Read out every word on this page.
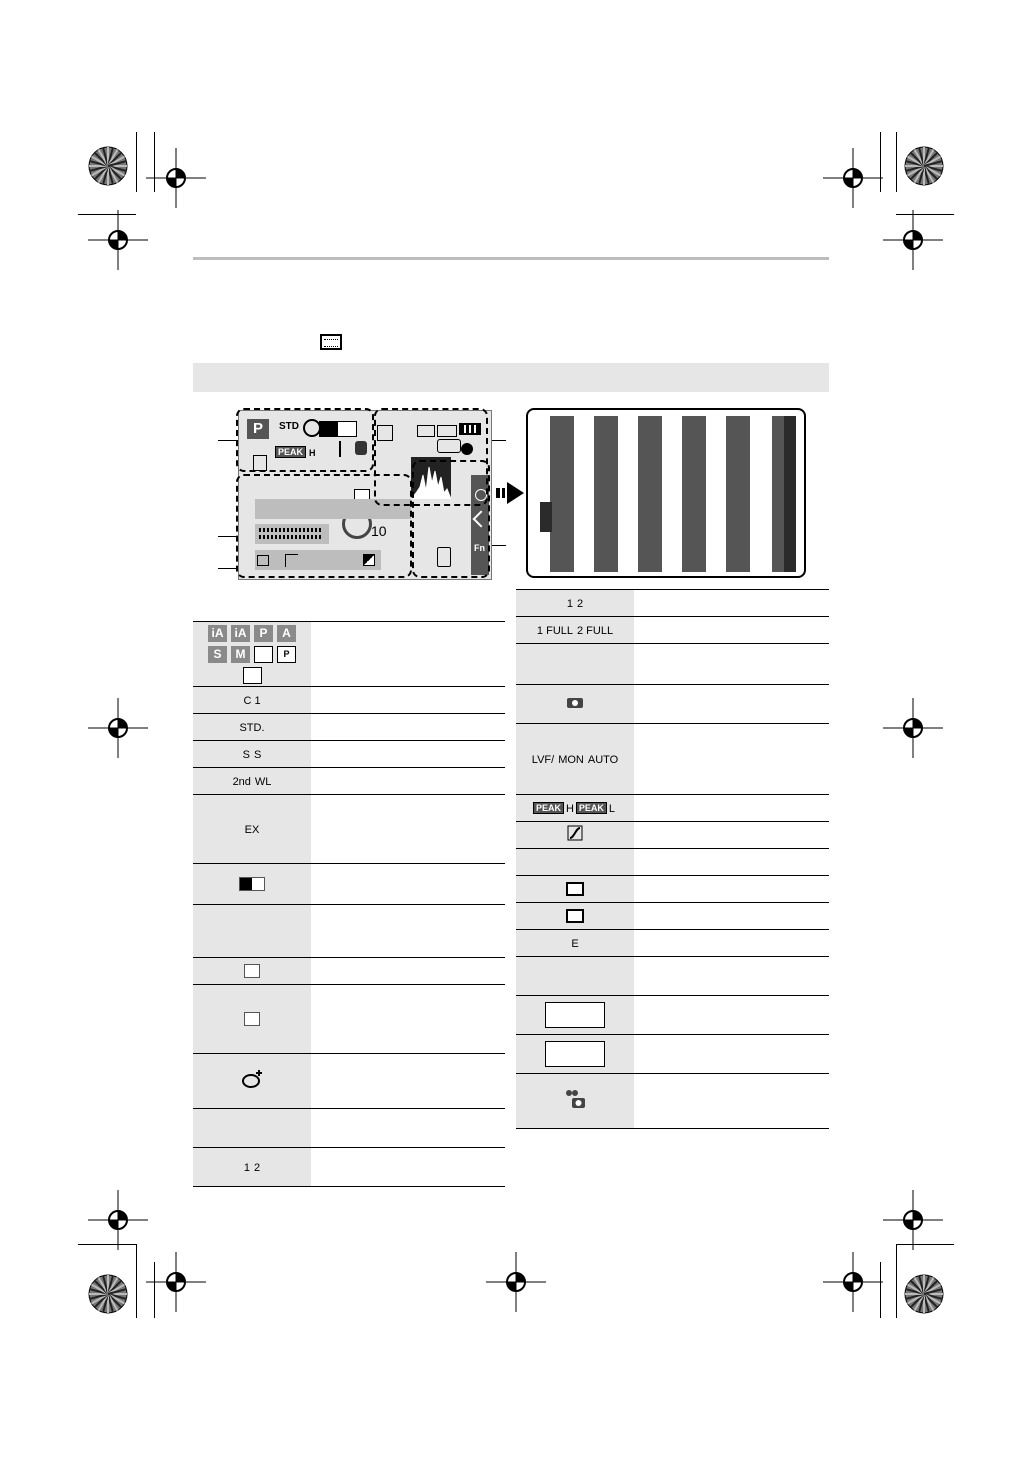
P	STD
PEAK H
Fn
10
iA iA P A
S M P

C 1	
STD.	
S S	
2nd WL	
EX	

1 2	
1 2	
1 FULL 2 FULL	

LVF/ MON AUTO	
PEAK H PEAK L	

E	
